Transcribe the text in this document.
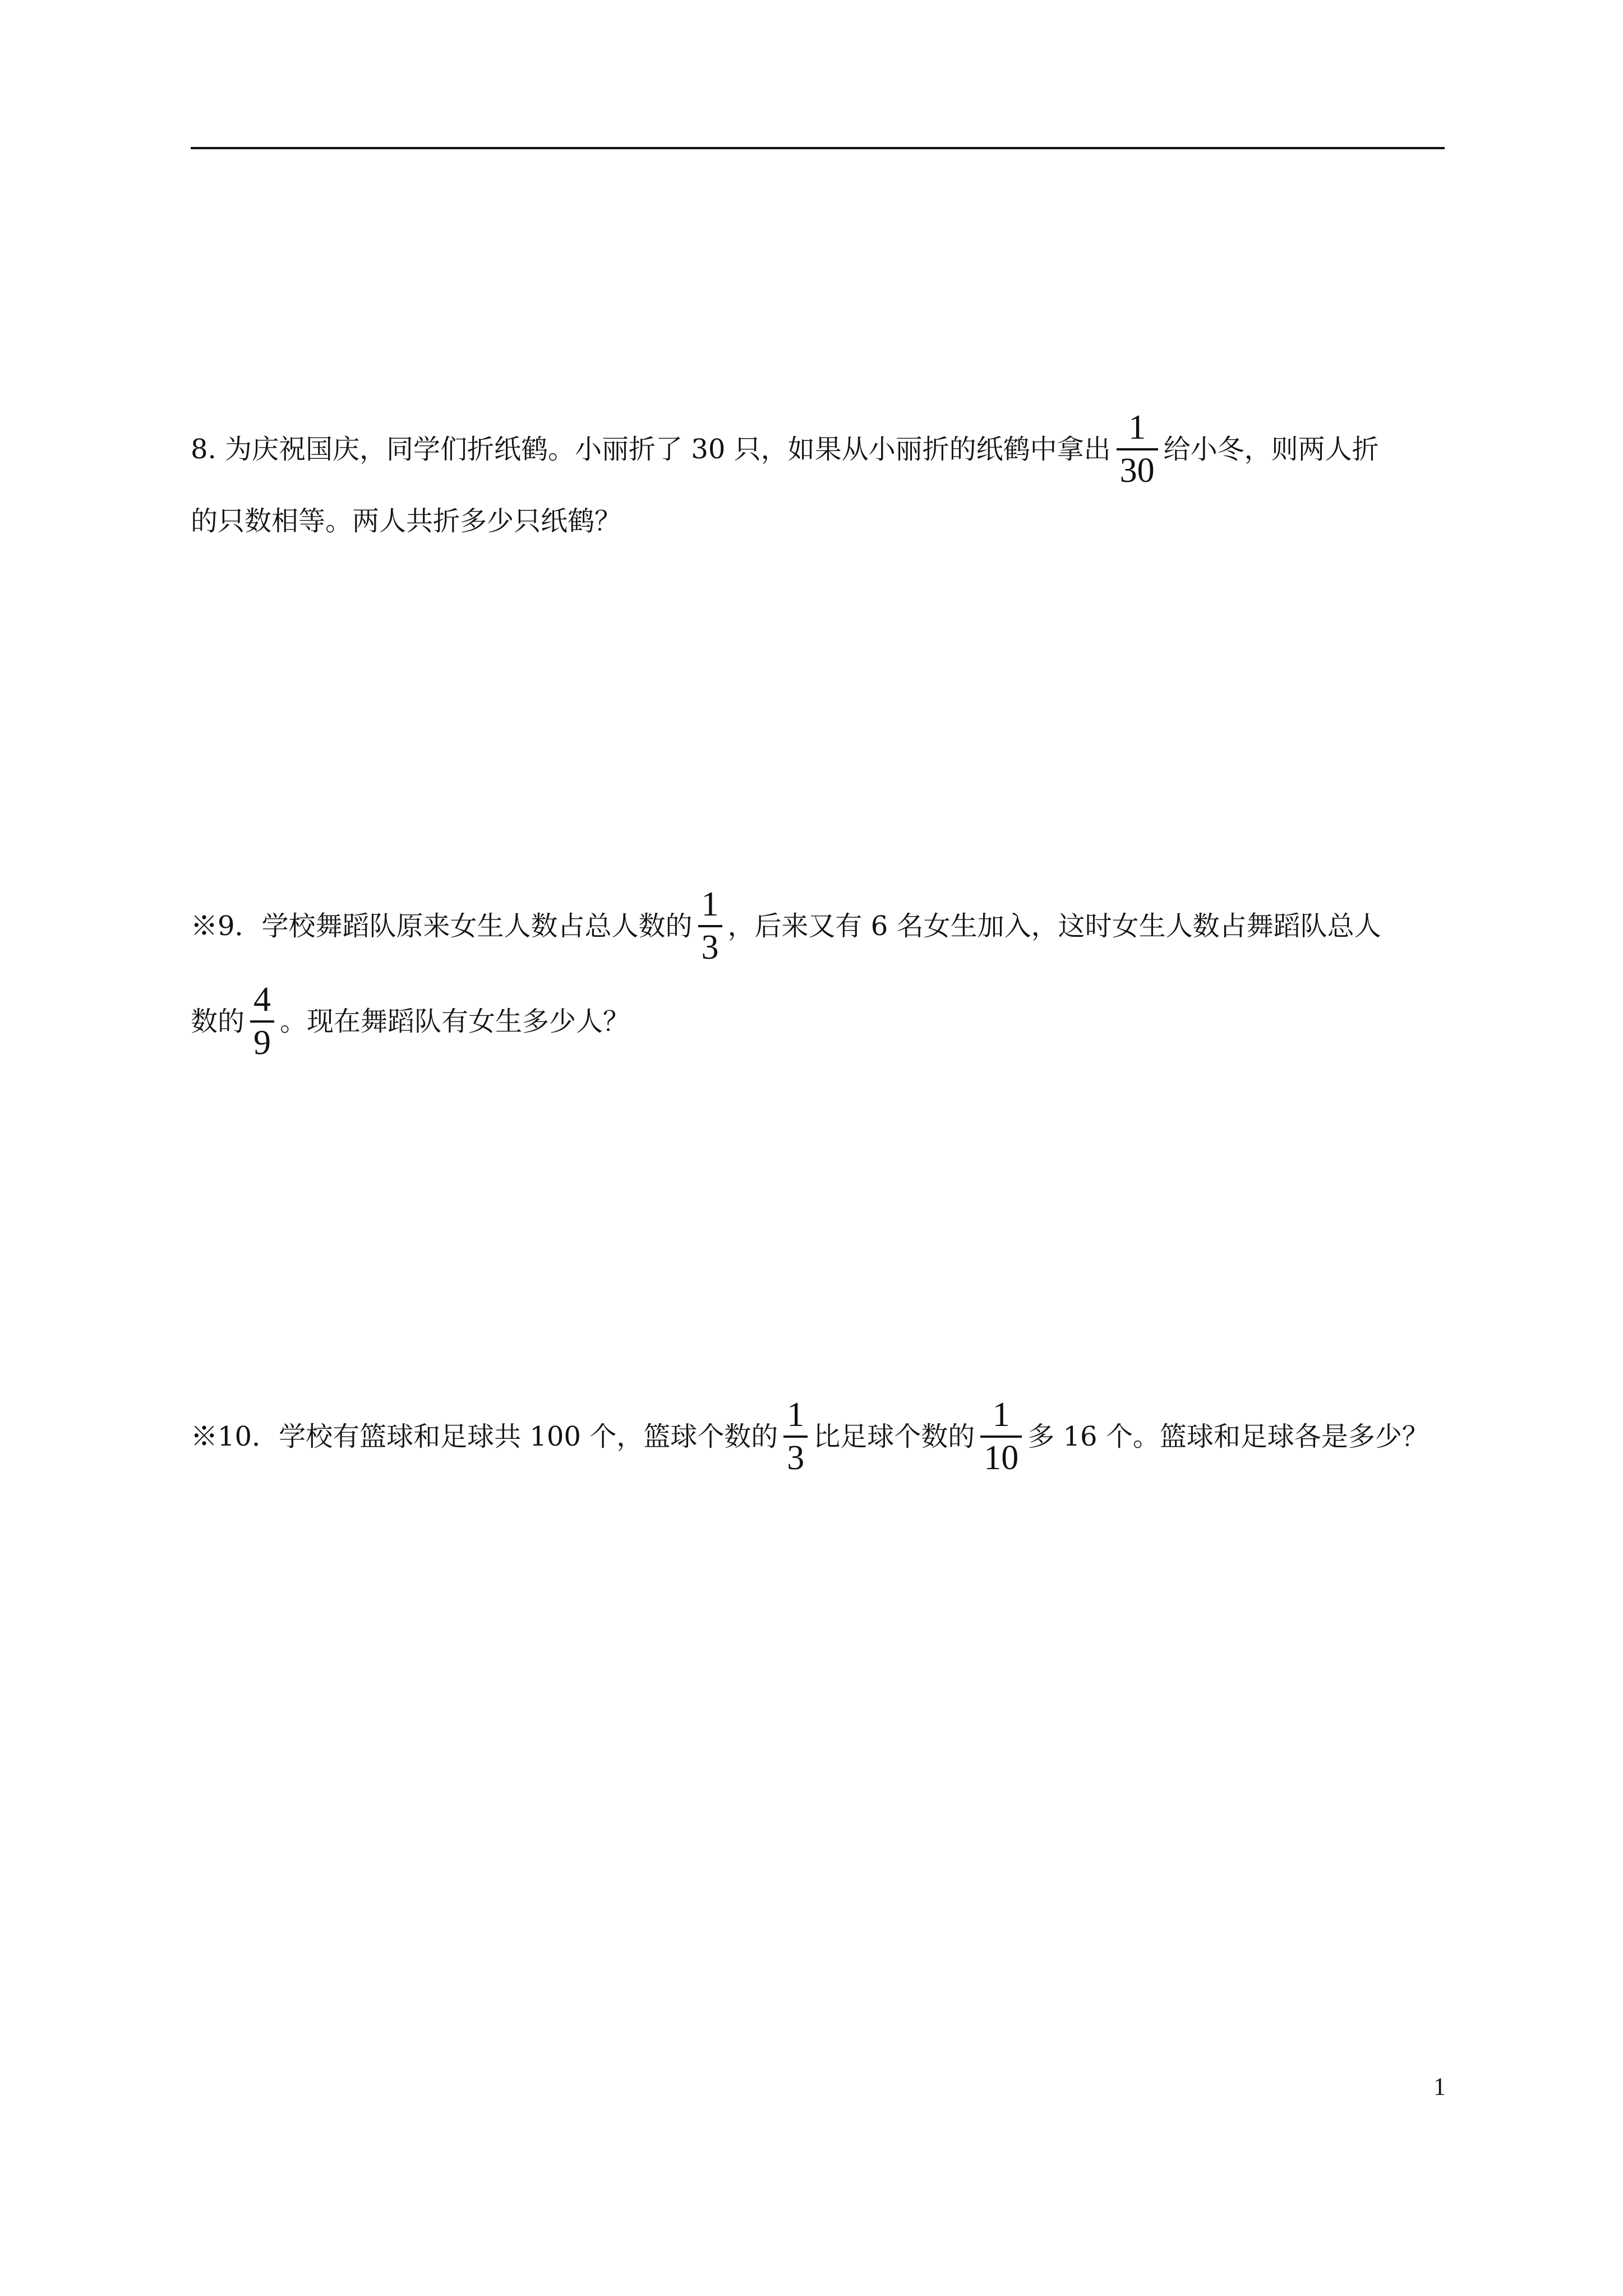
8. 为庆祝国庆，同学们折纸鹤。小丽折了 30 只，如果从小丽折的纸鹤中拿出 $\frac{1}{30}$ 给小冬，则两人折
的只数相等。两人共折多少只纸鹤？
※9．学校舞蹈队原来女生人数占总人数的 $\frac{1}{3}$ ，后来又有 6 名女生加入，这时女生人数占舞蹈队总人
数的 $\frac{4}{9}$ 。现在舞蹈队有女生多少人？
※10．学校有篮球和足球共 100 个，篮球个数的 $\frac{1}{3}$ 比足球个数的 $\frac{1}{10}$ 多 16 个。篮球和足球各是多少？
1
